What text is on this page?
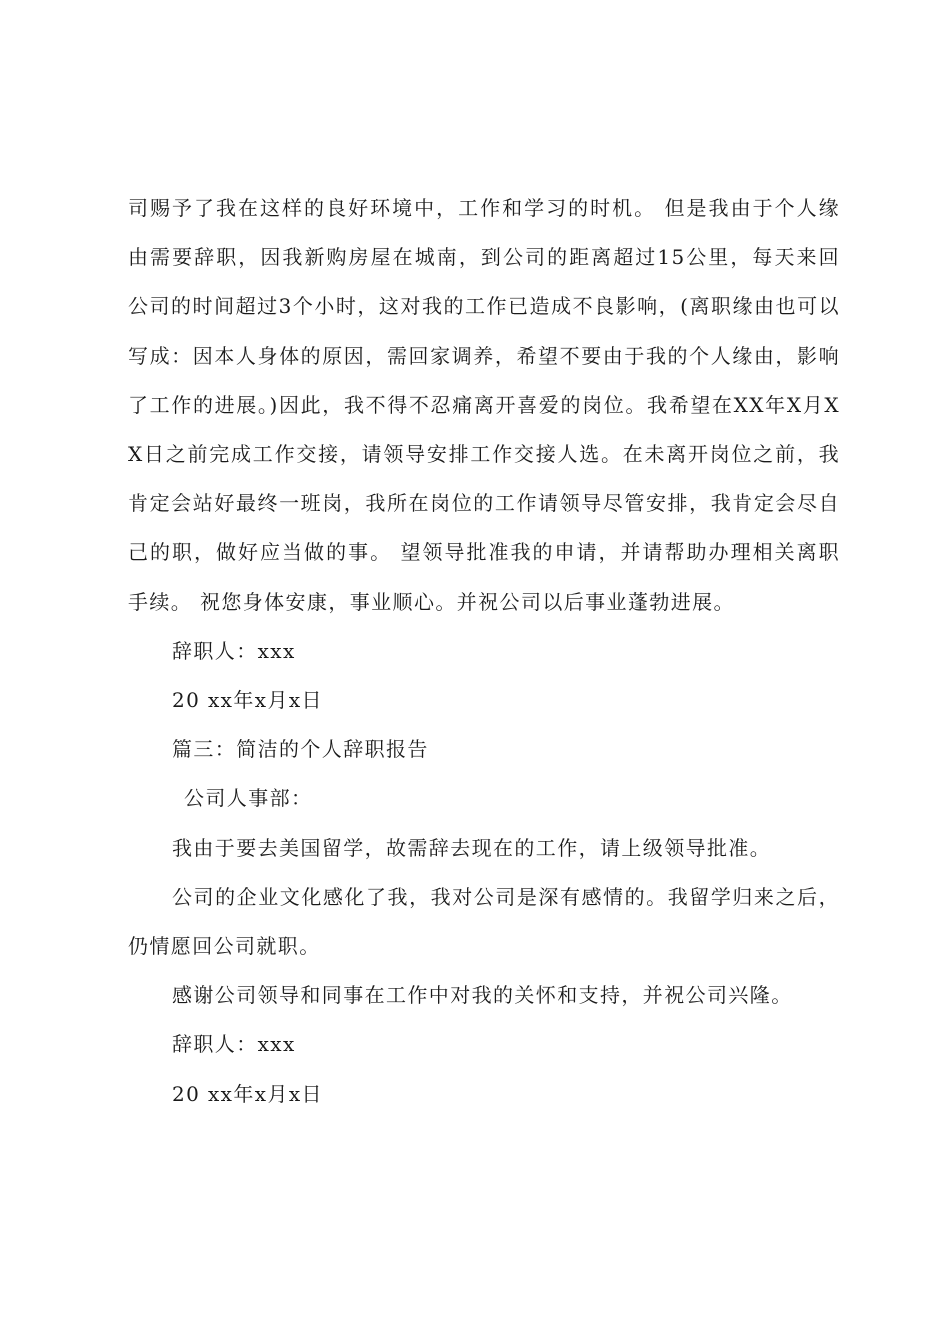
司赐予了我在这样的良好环境中，工作和学习的时机。 但是我由于个人缘由需要辞职，因我新购房屋在城南，到公司的距离超过15公里，每天来回公司的时间超过3个小时，这对我的工作已造成不良影响，(离职缘由也可以写成：因本人身体的原因，需回家调养，希望不要由于我的个人缘由，影响了工作的进展。)因此，我不得不忍痛离开喜爱的岗位。我希望在XX年X月XX日之前完成工作交接，请领导安排工作交接人选。在未离开岗位之前，我肯定会站好最终一班岗，我所在岗位的工作请领导尽管安排，我肯定会尽自己的职，做好应当做的事。 望领导批准我的申请，并请帮助办理相关离职手续。 祝您身体安康，事业顺心。并祝公司以后事业蓬勃进展。

辞职人：xxx

20 xx年x月x日

篇三：简洁的个人辞职报告

公司人事部：

我由于要去美国留学，故需辞去现在的工作，请上级领导批准。

公司的企业文化感化了我，我对公司是深有感情的。我留学归来之后，仍情愿回公司就职。

感谢公司领导和同事在工作中对我的关怀和支持，并祝公司兴隆。

辞职人：xxx

20 xx年x月x日
